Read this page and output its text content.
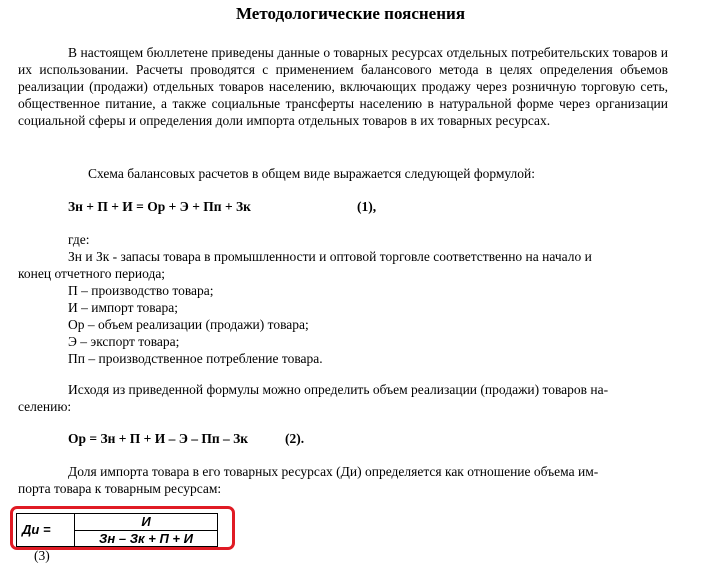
Методологические пояснения
В настоящем бюллетене приведены данные о товарных ресурсах отдельных потребительских товаров и их использовании. Расчеты проводятся с применением балансового метода в целях определения объемов реализации (продажи) отдельных товаров населению, включающих продажу через розничную торговую сеть, общественное питание, а также социальные трансферты населению в натуральной форме через организации социальной сферы и определения доли импорта отдельных товаров в их товарных ресурсах.
Схема балансовых расчетов в общем виде выражается следующей формулой:
Зн + П + И = Ор + Э + Пп + Зк	(1),
где:
Зн и Зк - запасы товара в промышленности и оптовой торговле соответственно на начало и
конец отчетного периода;
П – производство товара;
И – импорт товара;
Ор – объем реализации (продажи) товара;
Э – экспорт товара;
Пп – производственное потребление товара.
Исходя из приведенной формулы можно определить объем реализации (продажи) товаров на-
селению:
Ор = Зн + П + И – Э – Пп – Зк	(2).
Доля импорта товара в его товарных ресурсах (Ди) определяется как отношение объема им-
порта товара к товарным ресурсам:
Ди =
И
Зн – Зк + П + И
(3)
